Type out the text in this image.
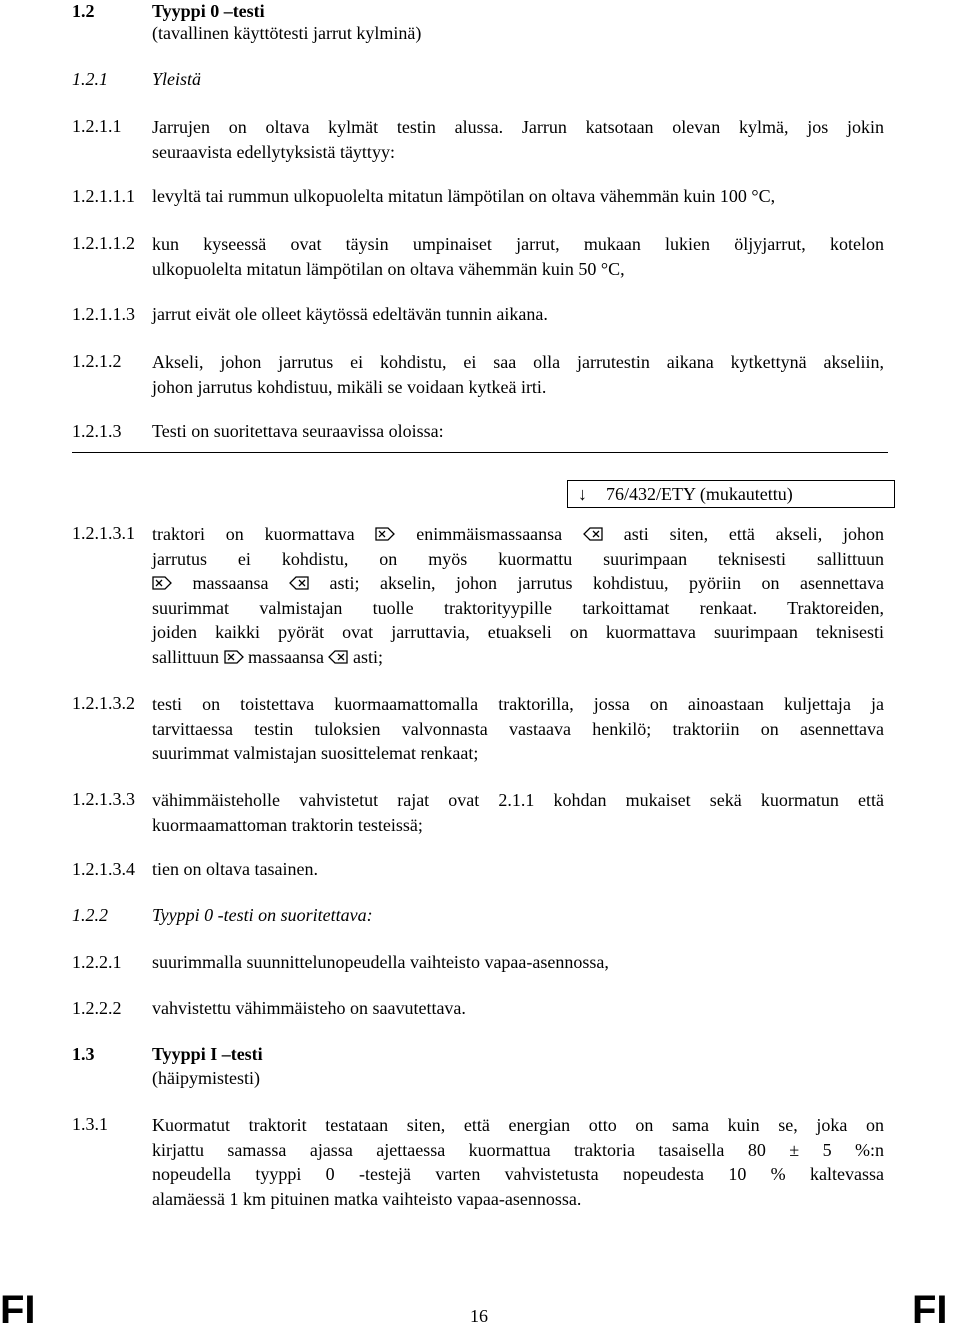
1.2	Tyyppi 0 –testi
(tavallinen käyttötesti jarrut kylminä)
1.2.1 Yleistä
1.2.1.1 Jarrujen on oltava kylmät testin alussa. Jarrun katsotaan olevan kylmä, jos jokin
seuraavista edellytyksistä täyttyy:
1.2.1.1.1 levyltä tai rummun ulkopuolelta mitatun lämpötilan on oltava vähemmän kuin 100 °C,
1.2.1.1.2 kun kyseessä ovat täysin umpinaiset jarrut, mukaan lukien öljyjarrut, kotelon
ulkopuolelta mitatun lämpötilan on oltava vähemmän kuin 50 °C,
1.2.1.1.3 jarrut eivät ole olleet käytössä edeltävän tunnin aikana.
1.2.1.2 Akseli, johon jarrutus ei kohdistu, ei saa olla jarrutestin aikana kytkettynä akseliin,
johon jarrutus kohdistuu, mikäli se voidaan kytkeä irti.
1.2.1.3 Testi on suoritettava seuraavissa oloissa:
↓ 76/432/ETY (mukautettu)
1.2.1.3.1 traktori on kuormattava	enimmäismassaansa	asti siten, että akseli, johon
jarrutus ei kohdistu, on myös kuormattu suurimpaan teknisesti sallittuun
massaansa	asti; akselin, johon jarrutus kohdistuu, pyöriin on asennettava
suurimmat valmistajan tuolle traktorityypille tarkoittamat renkaat. Traktoreiden,
joiden kaikki pyörät ovat jarruttavia, etuakseli on kuormattava suurimpaan teknisesti
sallittuun massaansa asti;
1.2.1.3.2 testi on toistettava kuormaamattomalla traktorilla, jossa on ainoastaan kuljettaja ja
tarvittaessa testin tuloksien valvonnasta vastaava henkilö; traktoriin on asennettava
suurimmat valmistajan suosittelemat renkaat;
1.2.1.3.3 vähimmäisteholle vahvistetut rajat ovat 2.1.1 kohdan mukaiset sekä kuormatun että
kuormaamattoman traktorin testeissä;
1.2.1.3.4 tien on oltava tasainen.
1.2.2 Tyyppi 0 -testi on suoritettava:
1.2.2.1 suurimmalla suunnittelunopeudella vaihteisto vapaa-asennossa,
1.2.2.2 vahvistettu vähimmäisteho on saavutettava.
1.3	Tyyppi I –testi
(häipymistesti)
1.3.1 Kuormatut traktorit testataan siten, että energian otto on sama kuin se, joka on
kirjattu samassa ajassa ajettaessa kuormattua traktoria tasaisella 80 ± 5 %:n
nopeudella tyyppi 0 -testejä varten vahvistetusta nopeudesta 10 % kaltevassa
alamäessä 1 km pituinen matka vaihteisto vapaa-asennossa.
FI	16	FI
